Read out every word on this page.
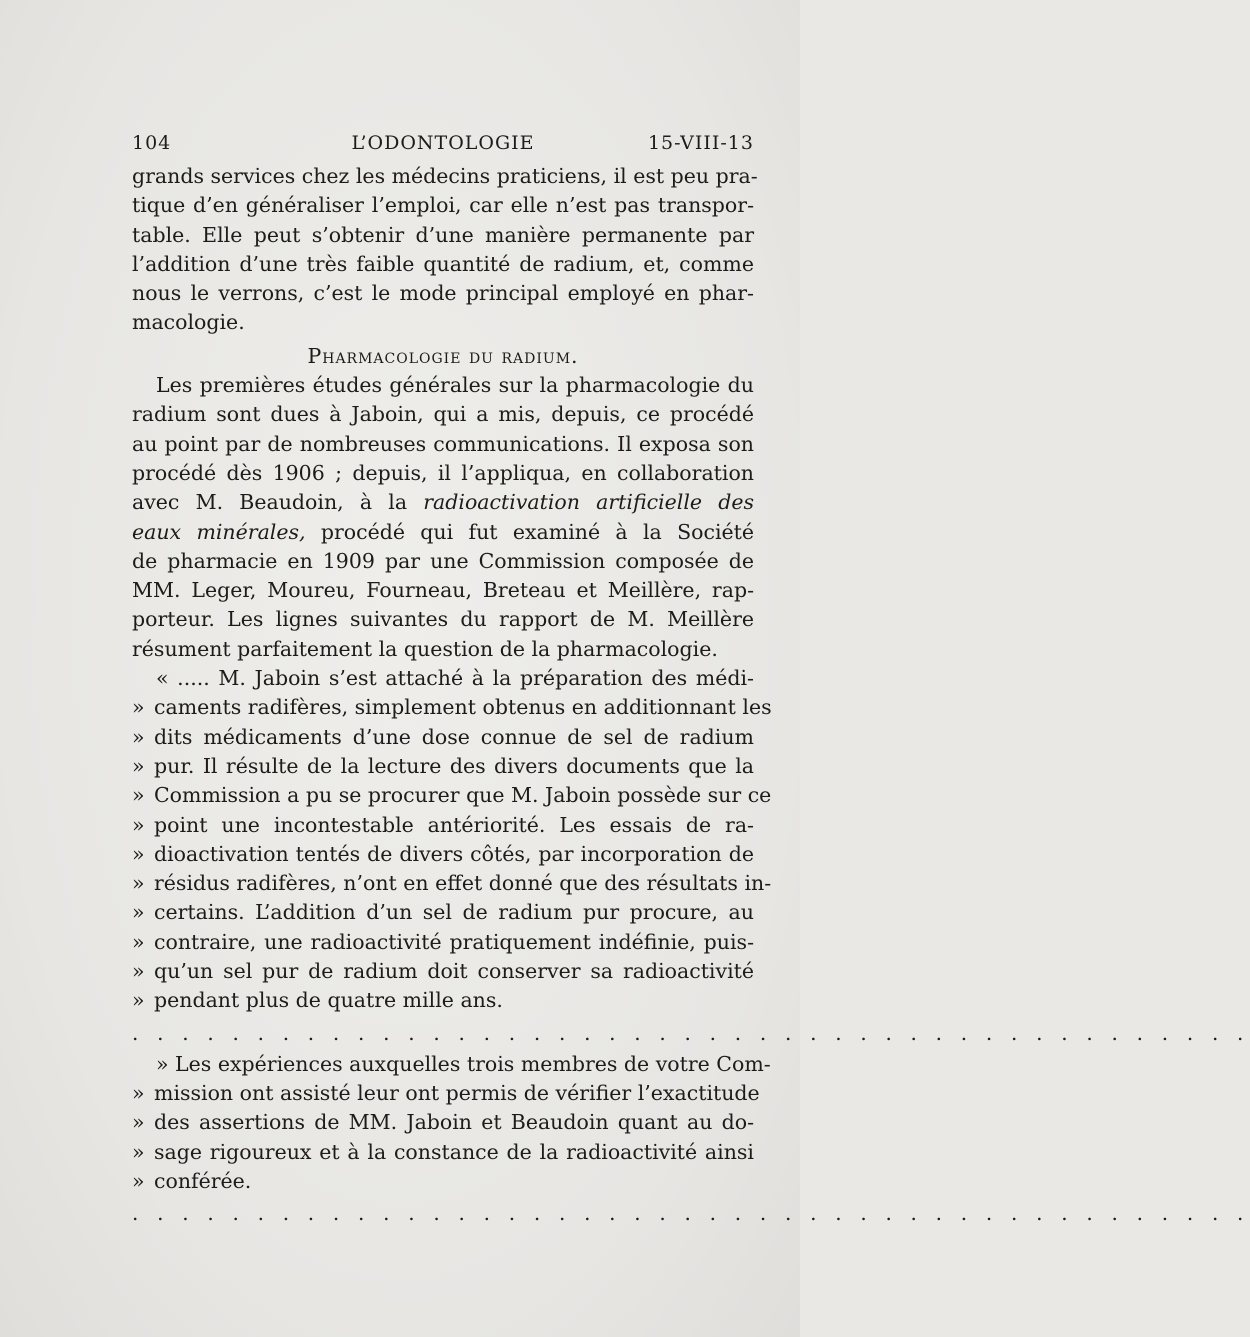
104	L’ODONTOLOGIE	15-VIII-13
grands services chez les médecins praticiens, il est peu pra-
tique d’en généraliser l’emploi, car elle n’est pas transpor-
table. Elle peut s’obtenir d’une manière permanente par
l’addition d’une très faible quantité de radium, et, comme
nous le verrons, c’est le mode principal employé en phar-
macologie.
Pharmacologie du radium.
Les premières études générales sur la pharmacologie du
radium sont dues à Jaboin, qui a mis, depuis, ce procédé
au point par de nombreuses communications. Il exposa son
procédé dès 1906 ; depuis, il l’appliqua, en collaboration
avec M. Beaudoin, à la radioactivation artificielle des
eaux minérales, procédé qui fut examiné à la Société
de pharmacie en 1909 par une Commission composée de
MM. Leger, Moureu, Fourneau, Breteau et Meillère, rap-
porteur. Les lignes suivantes du rapport de M. Meillère
résument parfaitement la question de la pharmacologie.
« ..... M. Jaboin s’est attaché à la préparation des médi-
» caments radifères, simplement obtenus en additionnant les
» dits médicaments d’une dose connue de sel de radium
» pur. Il résulte de la lecture des divers documents que la
» Commission a pu se procurer que M. Jaboin possède sur ce
» point une incontestable antériorité. Les essais de ra-
» dioactivation tentés de divers côtés, par incorporation de
» résidus radifères, n’ont en effet donné que des résultats in-
» certains. L’addition d’un sel de radium pur procure, au
» contraire, une radioactivité pratiquement indéfinie, puis-
» qu’un sel pur de radium doit conserver sa radioactivité
» pendant plus de quatre mille ans.
. . . . . . . . . . . . . . . . . . . . . . . . . . . . . . . . . . . . . . . . . . . . .
» Les expériences auxquelles trois membres de votre Com-
» mission ont assisté leur ont permis de vérifier l’exactitude
» des assertions de MM. Jaboin et Beaudoin quant au do-
» sage rigoureux et à la constance de la radioactivité ainsi
» conférée.
. . . . . . . . . . . . . . . . . . . . . . . . . . . . . . . . . . . . . . . . . . . . .
